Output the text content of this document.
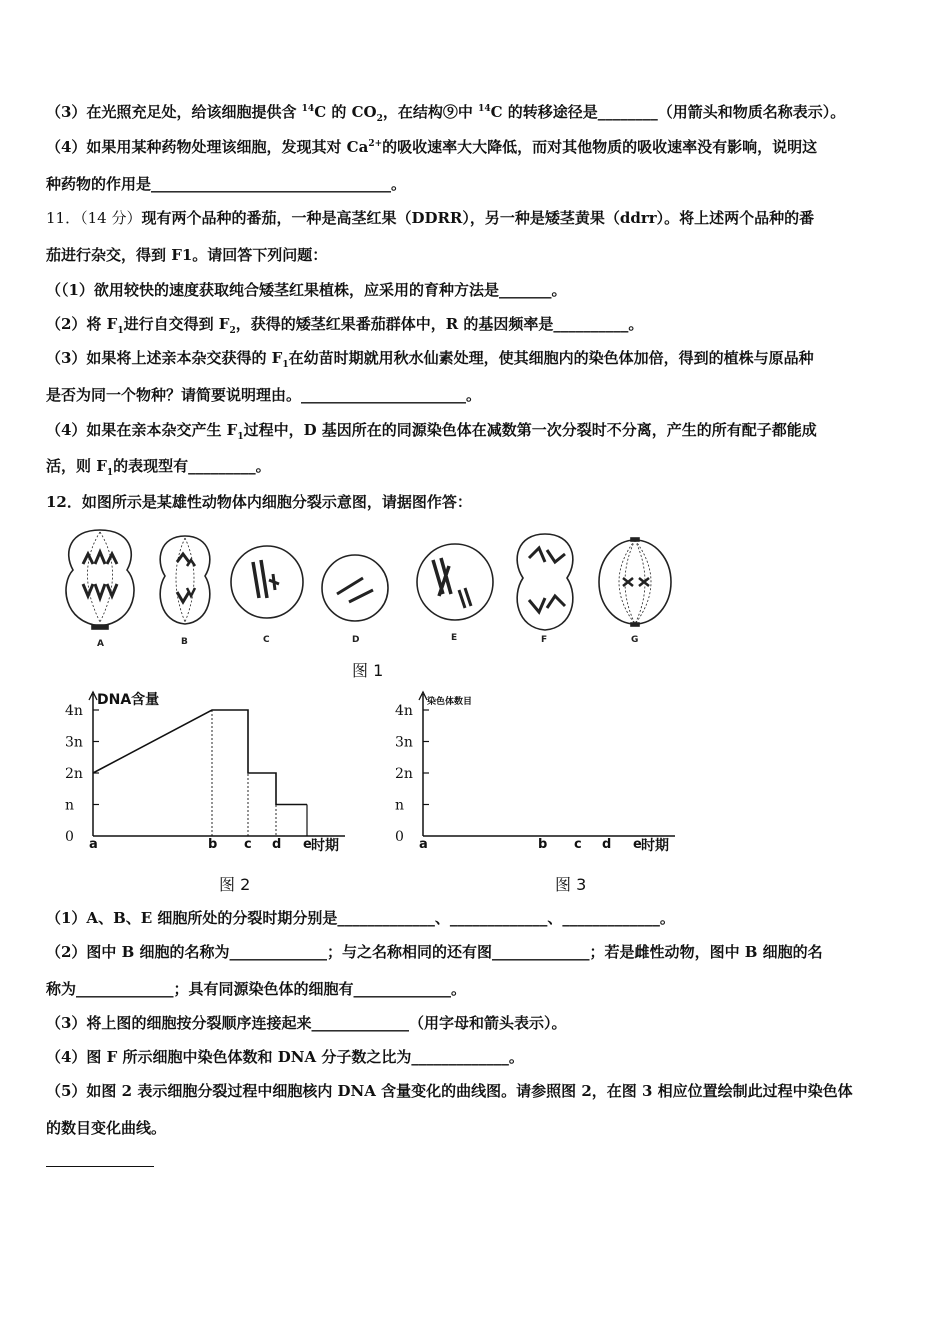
（3）在光照充足处，给该细胞提供含 $^{14}$C 的 $CO_2$，在结构⑨中 $^{14}$C 的转移途径是________（用箭头和物质名称表示）。
（4）如果用某种药物处理该细胞，发现其对 $Ca^{2+}$的吸收速率大大降低，而对其他物质的吸收速率没有影响，说明这
种药物的作用是________________________________。
11．（14 分）现有两个品种的番茄，一种是高茎红果（DDRR），另一种是矮茎黄果（ddrr）。将上述两个品种的番
茄进行杂交，得到 F1。请回答下列问题：
（（1）欲用较快的速度获取纯合矮茎红果植株，应采用的育种方法是_______。
（2）将 $F_1$进行自交得到 $F_2$，获得的矮茎红果番茄群体中，R 的基因频率是__________。
（3）如果将上述亲本杂交获得的 $F_1$在幼苗时期就用秋水仙素处理，使其细胞内的染色体加倍，得到的植株与原品种
是否为同一个物种？请简要说明理由。______________________。
（4）如果在亲本杂交产生 $F_1$过程中，D 基因所在的同源染色体在减数第一次分裂时不分离，产生的所有配子都能成
活，则 $F_1$的表现型有_________。
12．如图所示是某雄性动物体内细胞分裂示意图，请据图作答：
A	B	C	D	E	F	G
图 1
DNA含量
4n
3n
2n
n
0 a	b c d e 时期
图 2
染色体数目
4n
3n
2n
n
0 a	b c d e 时期
图 3
（1）A、B、E 细胞所处的分裂时期分别是_____________、_____________、_____________。
（2）图中 B 细胞的名称为_____________；与之名称相同的还有图_____________；若是雌性动物，图中 B 细胞的名
称为_____________；具有同源染色体的细胞有_____________。
（3）将上图的细胞按分裂顺序连接起来_____________（用字母和箭头表示）。
（4）图 F 所示细胞中染色体数和 DNA 分子数之比为_____________。
（5）如图 2 表示细胞分裂过程中细胞核内 DNA 含量变化的曲线图。请参照图 2，在图 3 相应位置绘制此过程中染色体
的数目变化曲线。
